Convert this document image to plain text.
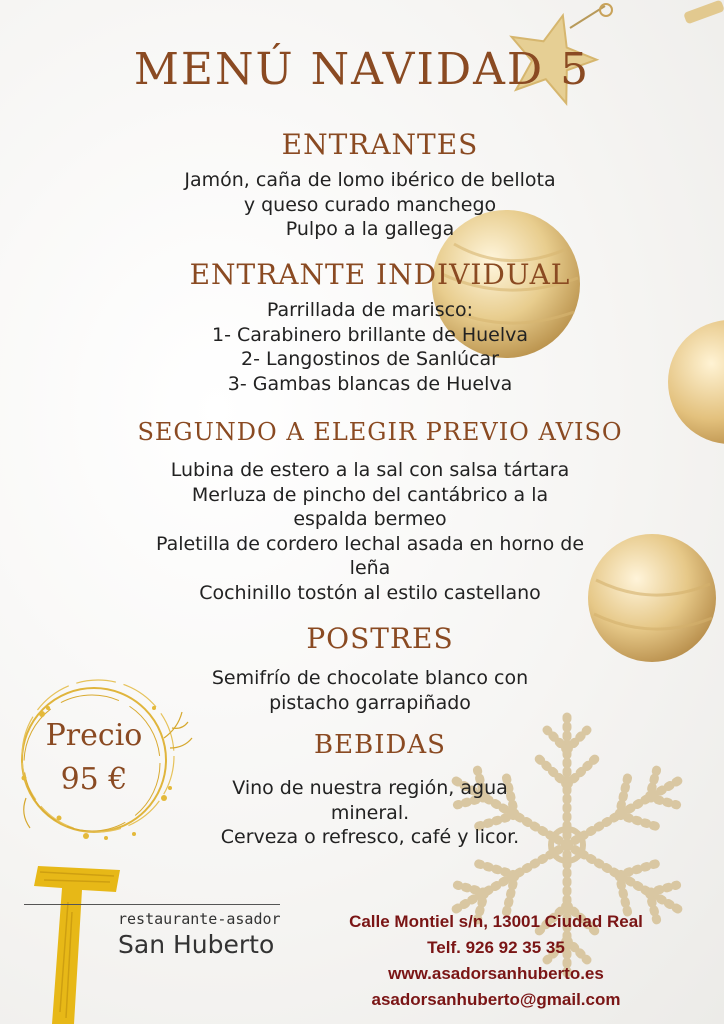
MENÚ NAVIDAD 5
ENTRANTES
Jamón, caña de lomo ibérico de bellota
y queso curado manchego
Pulpo a la gallega
ENTRANTE INDIVIDUAL
Parrillada de marisco:
1- Carabinero brillante de Huelva
2- Langostinos de Sanlúcar
3- Gambas blancas de Huelva
SEGUNDO A ELEGIR PREVIO AVISO
Lubina de estero a la sal con salsa tártara
Merluza de pincho del cantábrico a la
espalda bermeo
Paletilla de cordero lechal asada en horno de
leña
Cochinillo tostón al estilo castellano
POSTRES
Semifrío de chocolate blanco con
pistacho garrapiñado
BEBIDAS
Vino de nuestra región, agua
mineral.
Cerveza o refresco, café y licor.
Precio
95 €
restaurante-asador
San Huberto
Calle Montiel s/n, 13001 Ciudad Real
Telf. 926 92 35 35
www.asadorsanhuberto.es
asadorsanhuberto@gmail.com
